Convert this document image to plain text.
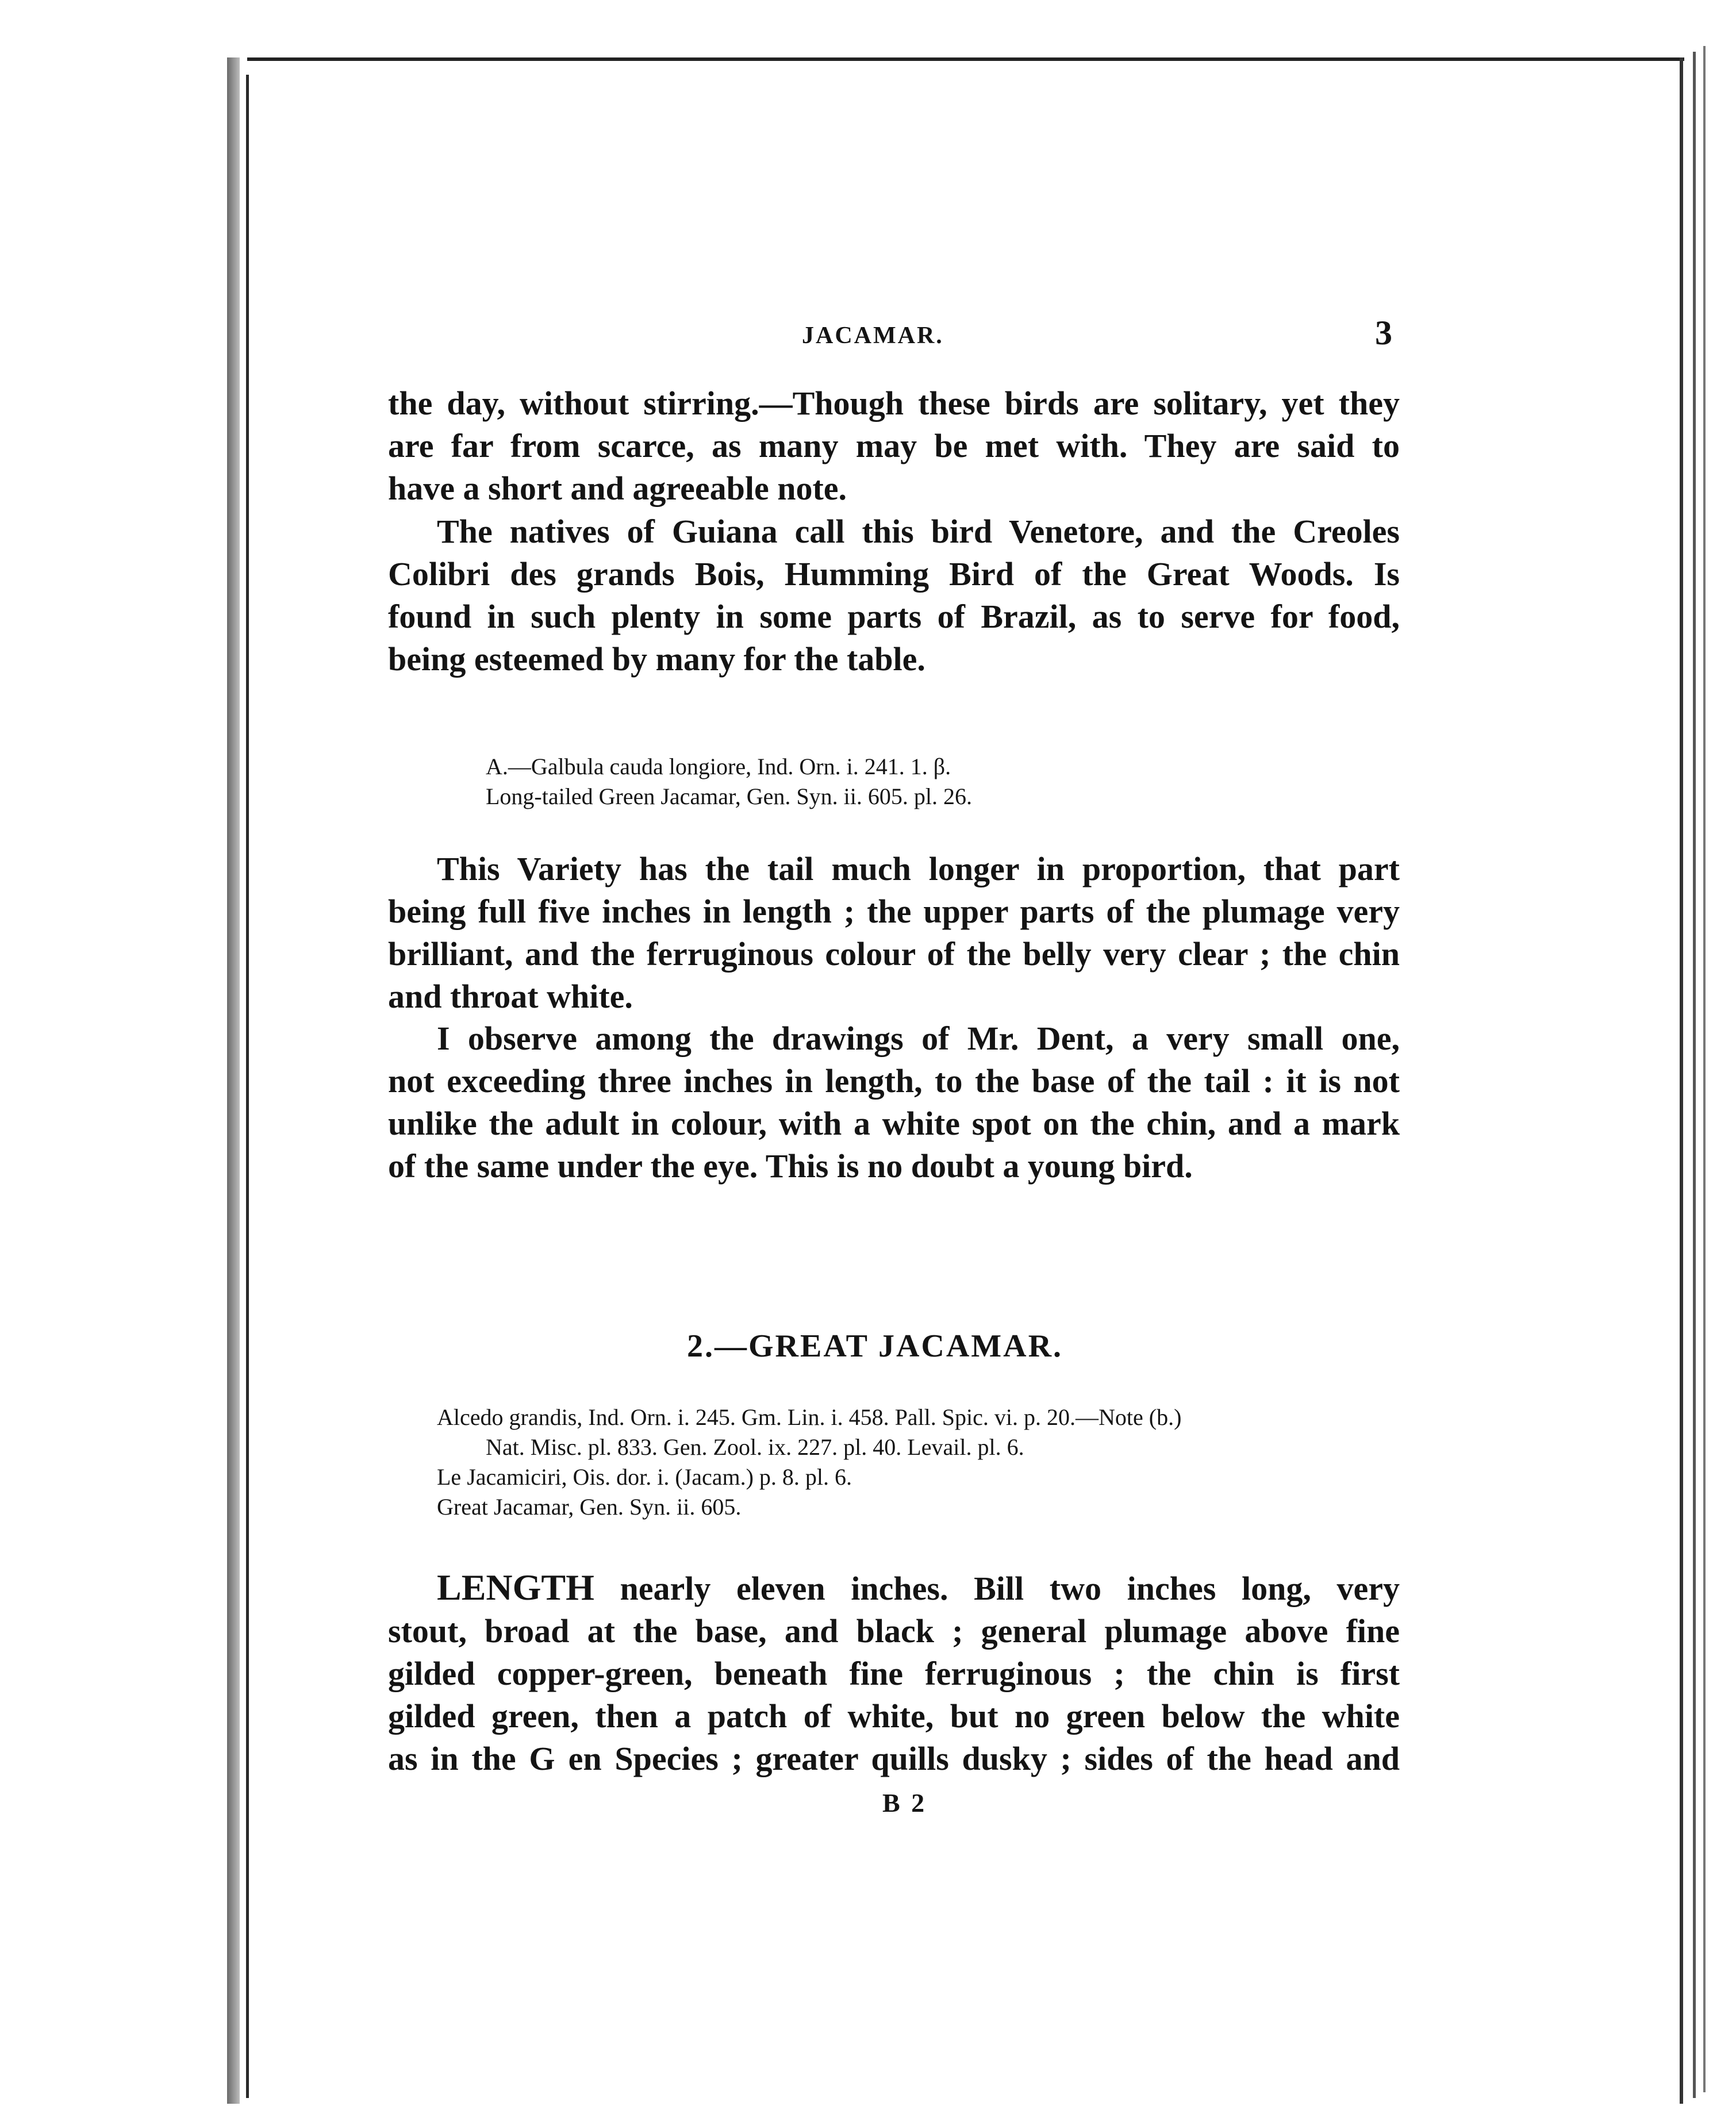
JACAMAR.	3

the day, without stirring.—Though these birds are solitary, yet they
are far from scarce, as many may be met with. They are said to
have a short and agreeable note.

The natives of Guiana call this bird Venetore, and the Creoles
Colibri des grands Bois, Humming Bird of the Great Woods. Is
found in such plenty in some parts of Brazil, as to serve for food,
being esteemed by many for the table.

A.—Galbula cauda longiore, Ind. Orn. i. 241. 1. β.
Long-tailed Green Jacamar, Gen. Syn. ii. 605. pl. 26.

This Variety has the tail much longer in proportion, that part
being full five inches in length ; the upper parts of the plumage very
brilliant, and the ferruginous colour of the belly very clear ; the chin
and throat white.

I observe among the drawings of Mr. Dent, a very small one,
not exceeding three inches in length, to the base of the tail : it is not
unlike the adult in colour, with a white spot on the chin, and a mark
of the same under the eye. This is no doubt a young bird.

2.—GREAT JACAMAR.

Alcedo grandis, Ind. Orn. i. 245. Gm. Lin. i. 458. Pall. Spic. vi. p. 20.—Note (b.)
Nat. Misc. pl. 833. Gen. Zool. ix. 227. pl. 40. Levail. pl. 6.
Le Jacamiciri, Ois. dor. i. (Jacam.) p. 8. pl. 6.
Great Jacamar, Gen. Syn. ii. 605.

LENGTH nearly eleven inches. Bill two inches long, very
stout, broad at the base, and black ; general plumage above fine
gilded copper-green, beneath fine ferruginous ; the chin is first
gilded green, then a patch of white, but no green below the white
as in the G  en Species ; greater quills dusky ; sides of the head and

B 2
